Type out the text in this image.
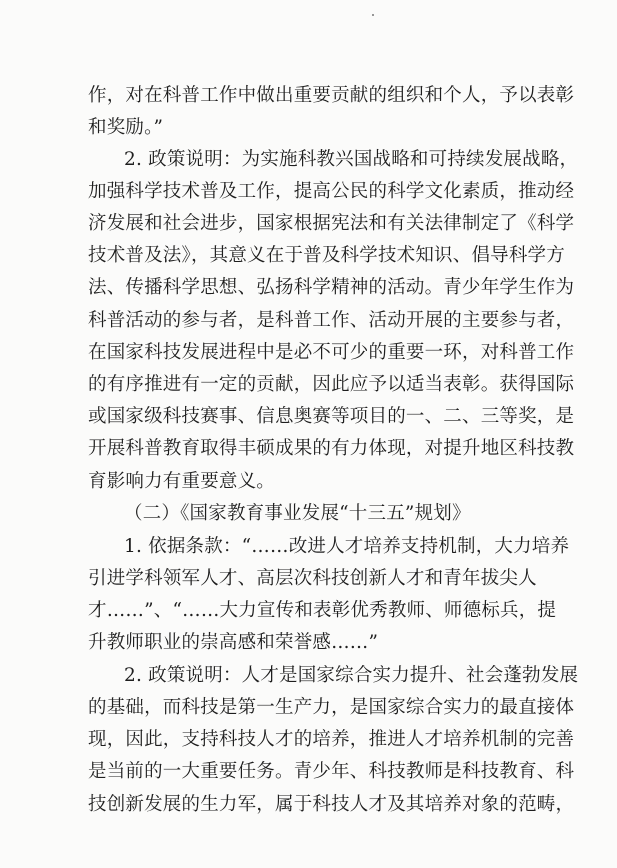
作，对在科普工作中做出重要贡献的组织和个人，予以表彰
和奖励。”
2. 政策说明：为实施科教兴国战略和可持续发展战略，
加强科学技术普及工作，提高公民的科学文化素质，推动经
济发展和社会进步，国家根据宪法和有关法律制定了《科学
技术普及法》，其意义在于普及科学技术知识、倡导科学方
法、传播科学思想、弘扬科学精神的活动。青少年学生作为
科普活动的参与者，是科普工作、活动开展的主要参与者，
在国家科技发展进程中是必不可少的重要一环，对科普工作
的有序推进有一定的贡献，因此应予以适当表彰。获得国际
或国家级科技赛事、信息奥赛等项目的一、二、三等奖，是
开展科普教育取得丰硕成果的有力体现，对提升地区科技教
育影响力有重要意义。
（二）《国家教育事业发展“十三五”规划》
1. 依据条款：“……改进人才培养支持机制，大力培养
引进学科领军人才、高层次科技创新人才和青年拔尖人
才……”、“……大力宣传和表彰优秀教师、师德标兵，提
升教师职业的崇高感和荣誉感……”
2. 政策说明：人才是国家综合实力提升、社会蓬勃发展
的基础，而科技是第一生产力，是国家综合实力的最直接体
现，因此，支持科技人才的培养，推进人才培养机制的完善
是当前的一大重要任务。青少年、科技教师是科技教育、科
技创新发展的生力军，属于科技人才及其培养对象的范畴，
